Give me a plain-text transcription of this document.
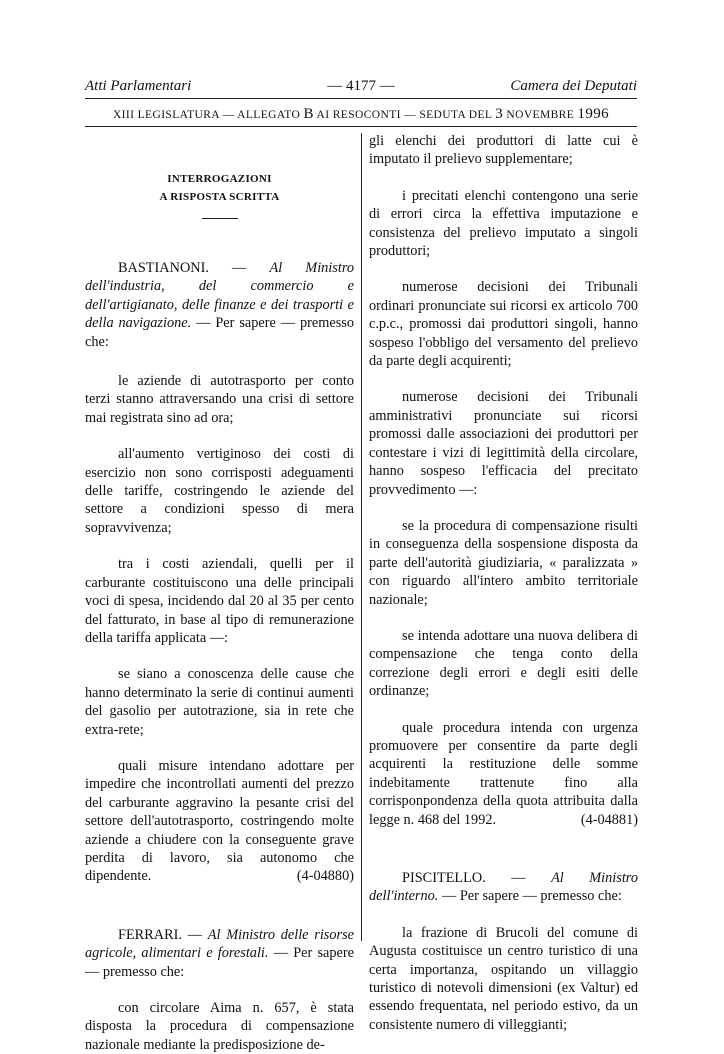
Atti Parlamentari	— 4177 —	Camera dei Deputati
XIII LEGISLATURA — ALLEGATO B AI RESOCONTI — SEDUTA DEL 3 NOVEMBRE 1996
INTERROGAZIONI
A RISPOSTA SCRITTA

BASTIANONI. — Al Ministro dell'industria, del commercio e dell'artigianato, delle finanze e dei trasporti e della navigazione. — Per sapere — premesso che:

le aziende di autotrasporto per conto terzi stanno attraversando una crisi di settore mai registrata sino ad ora;

all'aumento vertiginoso dei costi di esercizio non sono corrisposti adeguamenti delle tariffe, costringendo le aziende del settore a condizioni spesso di mera sopravvivenza;

tra i costi aziendali, quelli per il carburante costituiscono una delle principali voci di spesa, incidendo dal 20 al 35 per cento del fatturato, in base al tipo di remunerazione della tariffa applicata —:

se siano a conoscenza delle cause che hanno determinato la serie di continui aumenti del gasolio per autotrazione, sia in rete che extra-rete;

quali misure intendano adottare per impedire che incontrollati aumenti del prezzo del carburante aggravino la pesante crisi del settore dell'autotrasporto, costringendo molte aziende a chiudere con la conseguente grave perdita di lavoro, sia autonomo che dipendente.	(4-04880)

FERRARI. — Al Ministro delle risorse agricole, alimentari e forestali. — Per sapere — premesso che:

con circolare Aima n. 657, è stata disposta la procedura di compensazione nazionale mediante la predisposizione de-

gli elenchi dei produttori di latte cui è imputato il prelievo supplementare;

i precitati elenchi contengono una serie di errori circa la effettiva imputazione e consistenza del prelievo imputato a singoli produttori;

numerose decisioni dei Tribunali ordinari pronunciate sui ricorsi ex articolo 700 c.p.c., promossi dai produttori singoli, hanno sospeso l'obbligo del versamento del prelievo da parte degli acquirenti;

numerose decisioni dei Tribunali amministrativi pronunciate sui ricorsi promossi dalle associazioni dei produttori per contestare i vizi di legittimità della circolare, hanno sospeso l'efficacia del precitato provvedimento —:

se la procedura di compensazione risulti in conseguenza della sospensione disposta da parte dell'autorità giudiziaria, « paralizzata » con riguardo all'intero ambito territoriale nazionale;

se intenda adottare una nuova delibera di compensazione che tenga conto della correzione degli errori e degli esiti delle ordinanze;

quale procedura intenda con urgenza promuovere per consentire da parte degli acquirenti la restituzione delle somme indebitamente trattenute fino alla corrisponpondenza della quota attribuita dalla legge n. 468 del 1992.	(4-04881)

PISCITELLO. — Al Ministro dell'interno. — Per sapere — premesso che:

la frazione di Brucoli del comune di Augusta costituisce un centro turistico di una certa importanza, ospitando un villaggio turistico di notevoli dimensioni (ex Valtur) ed essendo frequentata, nel periodo estivo, da un consistente numero di villeggianti;
